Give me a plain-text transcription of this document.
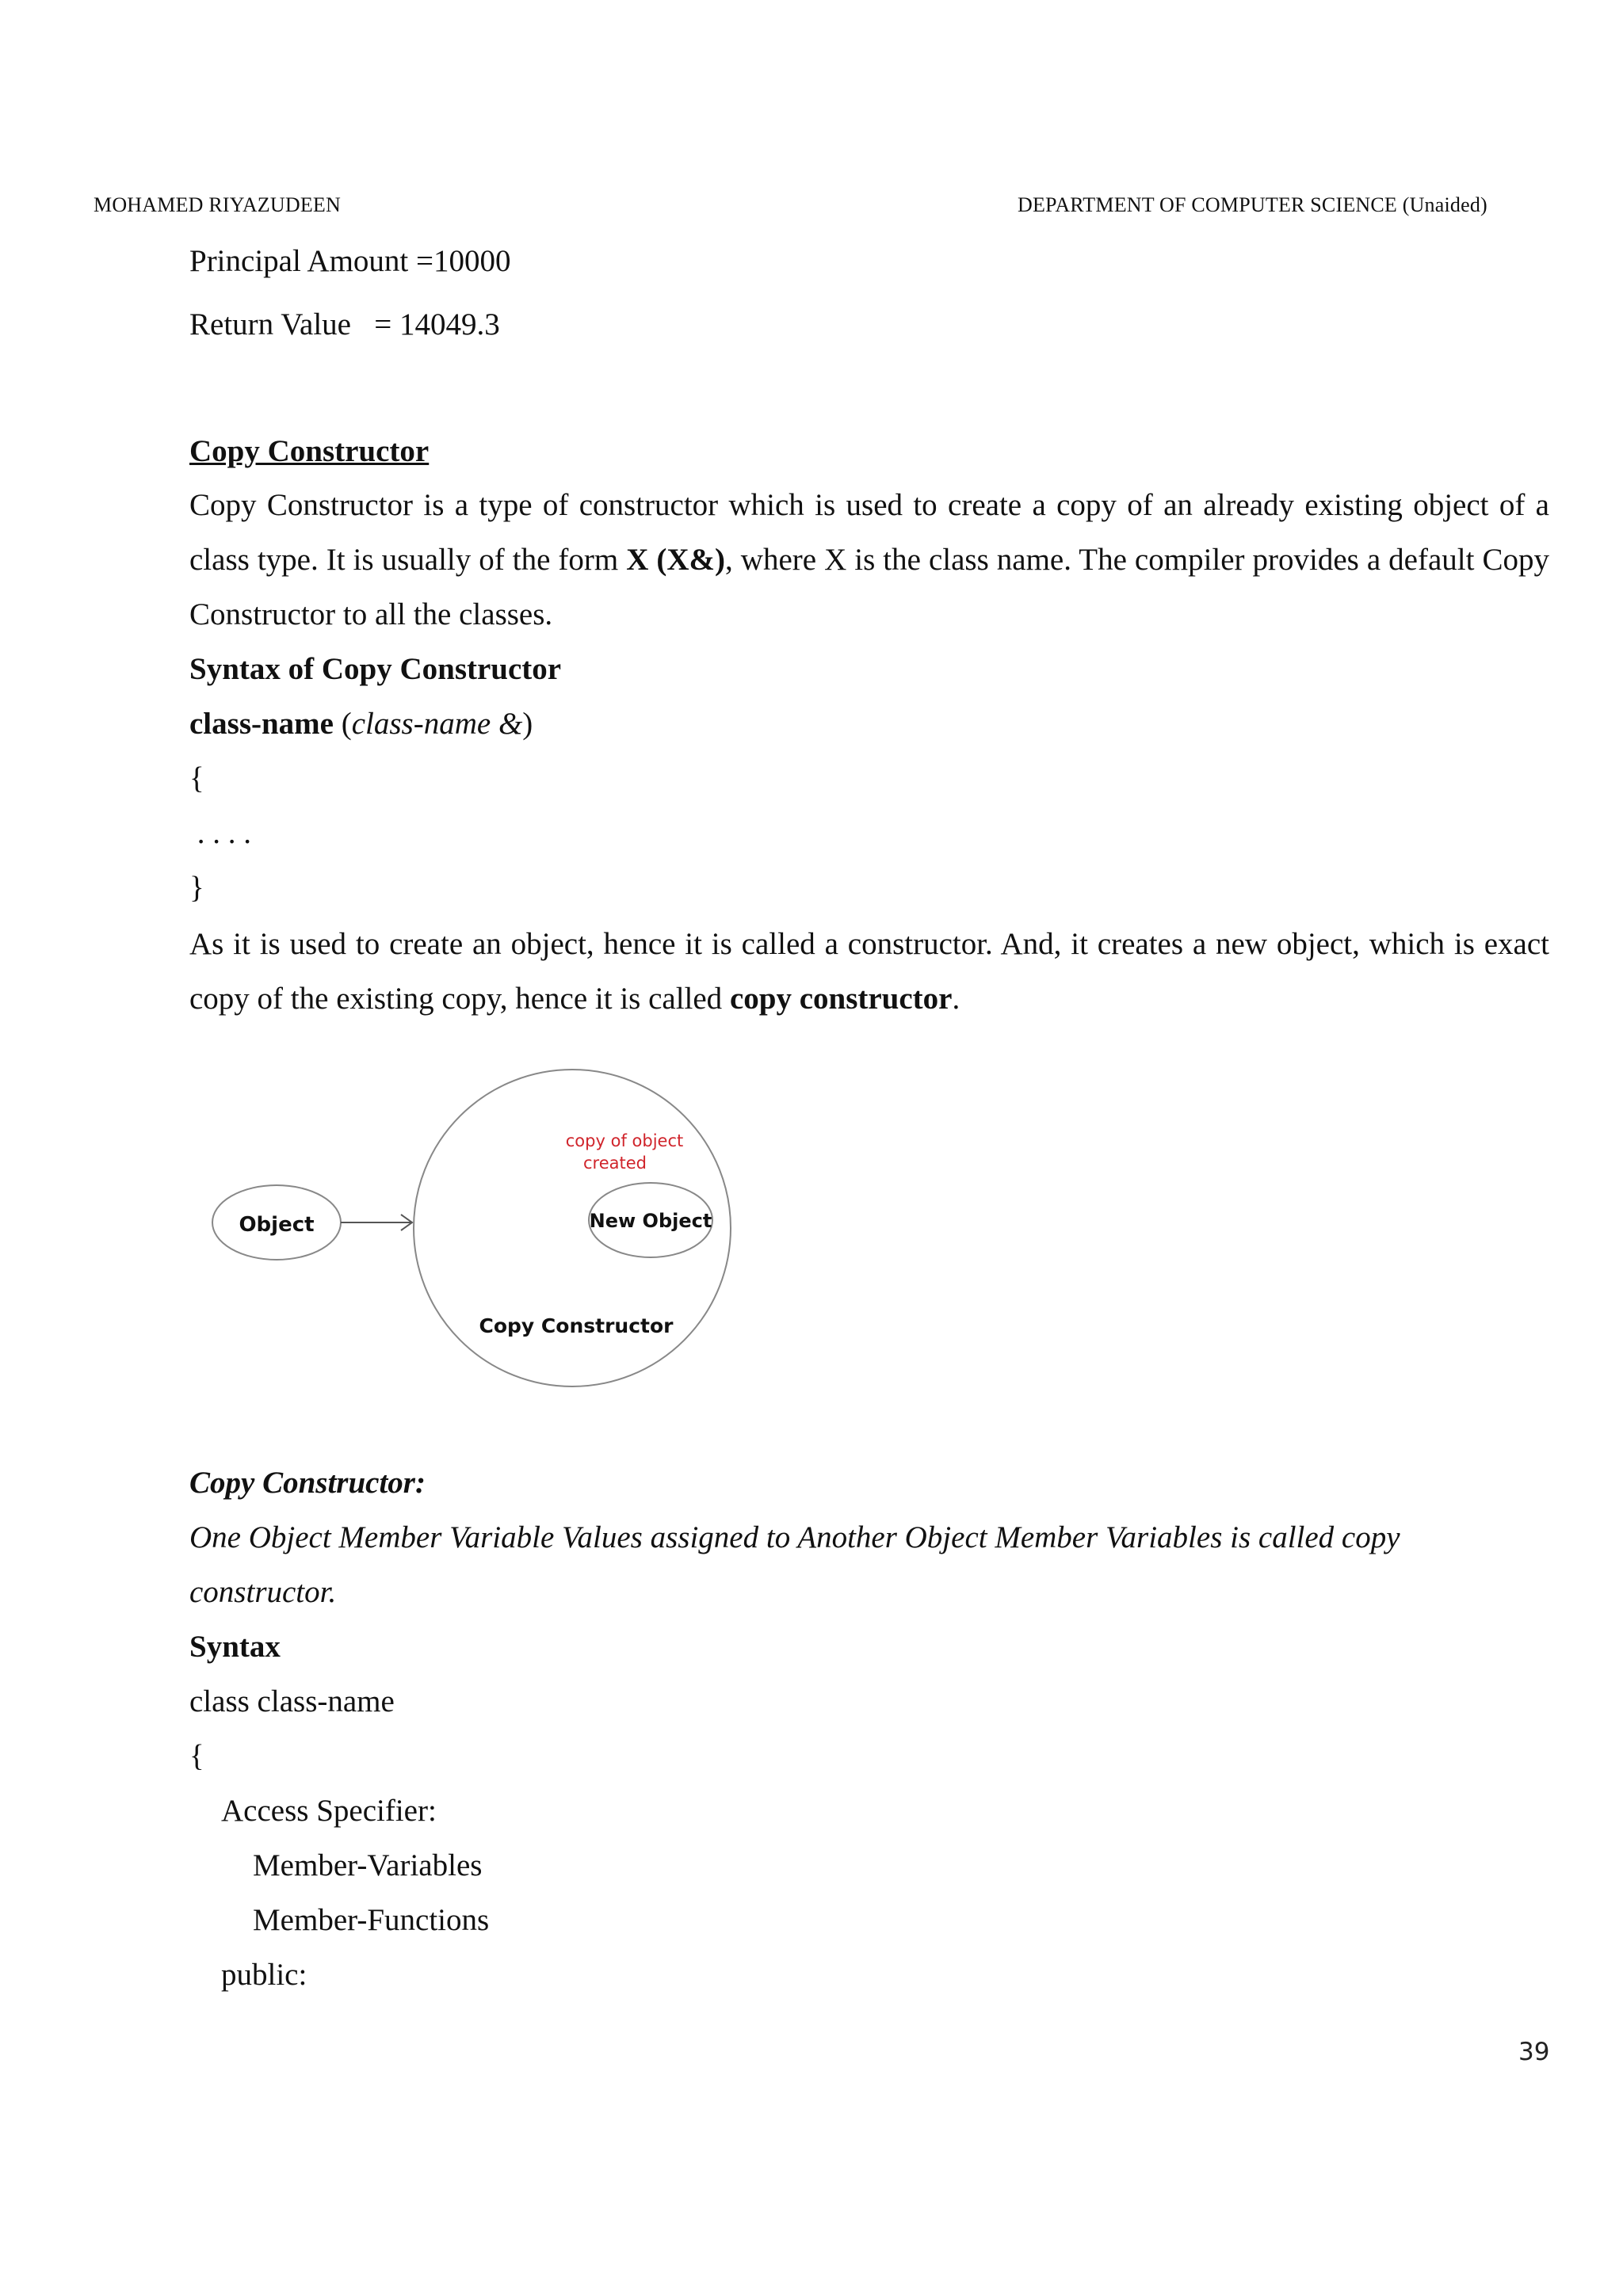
MOHAMED RIYAZUDEEN	DEPARTMENT OF COMPUTER SCIENCE (Unaided)
Principal Amount =10000
Return Value   = 14049.3
Copy Constructor
Copy Constructor is a type of constructor which is used to create a copy of an already existing object of a class type. It is usually of the form X (X&), where X is the class name. The compiler provides a default Copy Constructor to all the classes.
Syntax of Copy Constructor
class-name (class-name &)
{
. . . .
}
As it is used to create an object, hence it is called a constructor. And, it creates a new object, which is exact copy of the existing copy, hence it is called copy constructor.
Object
copy of object
created
New Object
Copy Constructor
Copy Constructor:
One Object Member Variable Values assigned to Another Object Member Variables is called copy
constructor.
Syntax
class class-name
{
Access Specifier:
Member-Variables
Member-Functions
public:
39
